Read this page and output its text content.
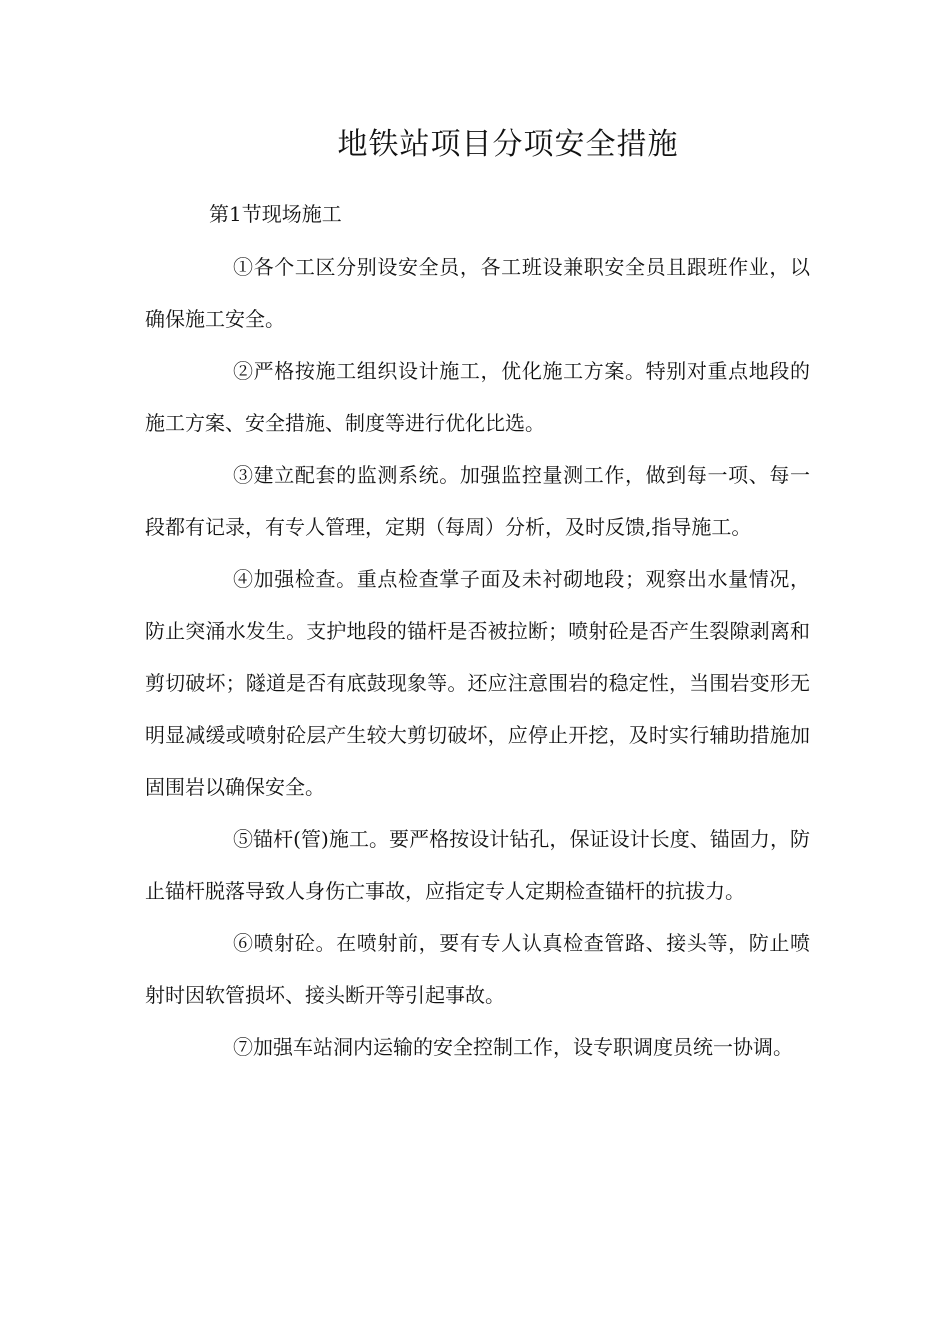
地铁站项目分项安全措施

第1节现场施工

①各个工区分别设安全员，各工班设兼职安全员且跟班作业，以确保施工安全。

②严格按施工组织设计施工，优化施工方案。特别对重点地段的施工方案、安全措施、制度等进行优化比选。

③建立配套的监测系统。加强监控量测工作，做到每一项、每一段都有记录，有专人管理，定期（每周）分析，及时反馈,指导施工。

④加强检查。重点检查掌子面及未衬砌地段；观察出水量情况，防止突涌水发生。支护地段的锚杆是否被拉断；喷射砼是否产生裂隙剥离和剪切破坏；隧道是否有底鼓现象等。还应注意围岩的稳定性，当围岩变形无明显减缓或喷射砼层产生较大剪切破坏，应停止开挖，及时实行辅助措施加固围岩以确保安全。

⑤锚杆(管)施工。要严格按设计钻孔，保证设计长度、锚固力，防止锚杆脱落导致人身伤亡事故，应指定专人定期检查锚杆的抗拔力。

⑥喷射砼。在喷射前，要有专人认真检查管路、接头等，防止喷射时因软管损坏、接头断开等引起事故。

⑦加强车站洞内运输的安全控制工作，设专职调度员统一协调。
